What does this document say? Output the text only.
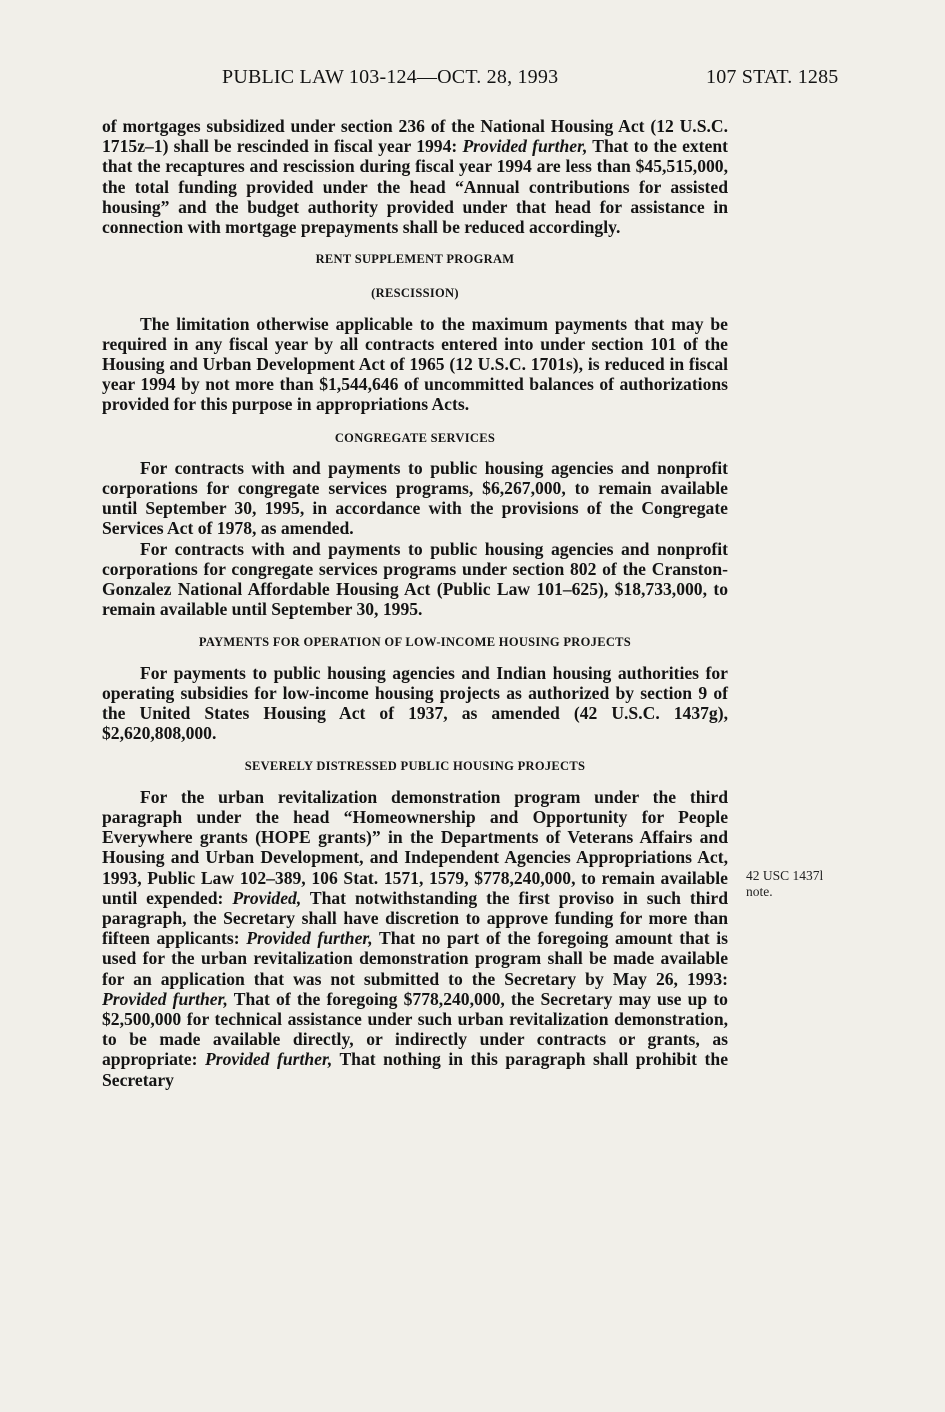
PUBLIC LAW 103-124—OCT. 28, 1993	107 STAT. 1285

of mortgages subsidized under section 236 of the National Housing Act (12 U.S.C. 1715z–1) shall be rescinded in fiscal year 1994: Provided further, That to the extent that the recaptures and rescission during fiscal year 1994 are less than $45,515,000, the total funding provided under the head “Annual contributions for assisted housing” and the budget authority provided under that head for assistance in connection with mortgage prepayments shall be reduced accordingly.

RENT SUPPLEMENT PROGRAM
(RESCISSION)

The limitation otherwise applicable to the maximum payments that may be required in any fiscal year by all contracts entered into under section 101 of the Housing and Urban Development Act of 1965 (12 U.S.C. 1701s), is reduced in fiscal year 1994 by not more than $1,544,646 of uncommitted balances of authorizations provided for this purpose in appropriations Acts.

CONGREGATE SERVICES

For contracts with and payments to public housing agencies and nonprofit corporations for congregate services programs, $6,267,000, to remain available until September 30, 1995, in accordance with the provisions of the Congregate Services Act of 1978, as amended.

For contracts with and payments to public housing agencies and nonprofit corporations for congregate services programs under section 802 of the Cranston-Gonzalez National Affordable Housing Act (Public Law 101–625), $18,733,000, to remain available until September 30, 1995.

PAYMENTS FOR OPERATION OF LOW-INCOME HOUSING PROJECTS

For payments to public housing agencies and Indian housing authorities for operating subsidies for low-income housing projects as authorized by section 9 of the United States Housing Act of 1937, as amended (42 U.S.C. 1437g), $2,620,808,000.

SEVERELY DISTRESSED PUBLIC HOUSING PROJECTS

For the urban revitalization demonstration program under the third paragraph under the head “Homeownership and Opportunity for People Everywhere grants (HOPE grants)” in the Departments of Veterans Affairs and Housing and Urban Development, and Independent Agencies Appropriations Act, 1993, Public Law 102–389, 106 Stat. 1571, 1579, $778,240,000, to remain available until expended: Provided, That notwithstanding the first proviso in such third paragraph, the Secretary shall have discretion to approve funding for more than fifteen applicants: Provided further, That no part of the foregoing amount that is used for the urban revitalization demonstration program shall be made available for an application that was not submitted to the Secretary by May 26, 1993: Provided further, That of the foregoing $778,240,000, the Secretary may use up to $2,500,000 for technical assistance under such urban revitalization demonstration, to be made available directly, or indirectly under contracts or grants, as appropriate: Provided further, That nothing in this paragraph shall prohibit the Secretary

42 USC 1437l
note.
